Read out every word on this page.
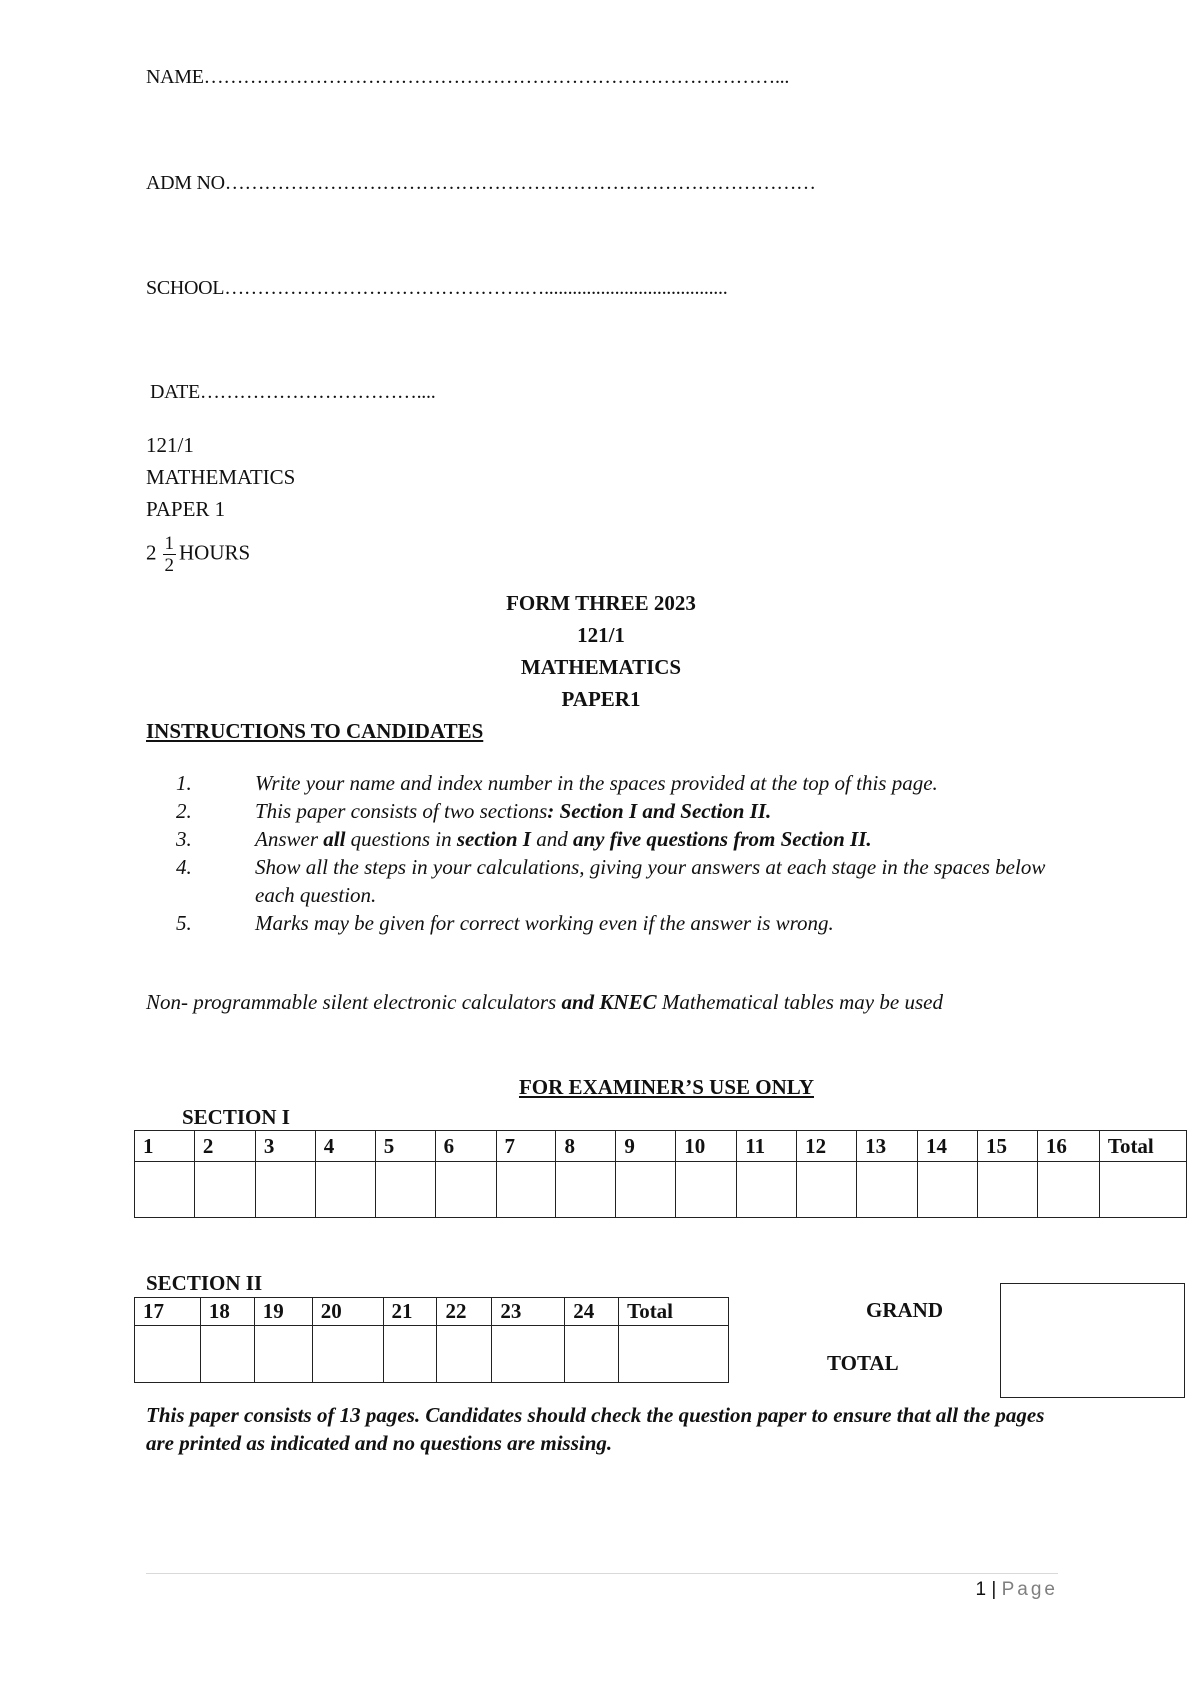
NAME……………………………………………………………………………...
ADM NO………………………………………………………………………………
SCHOOL……………………………………….….......................................
DATE……………………………....
121/1
MATHEMATICS
PAPER 1
$2 \frac{1}{2}$ HOURS
FORM THREE 2023
121/1
MATHEMATICS
PAPER1
INSTRUCTIONS TO CANDIDATES
1.	Write your name and index number in the spaces provided at the top of this page.
2.	This paper consists of two sections: Section I and Section II.
3.	Answer all questions in section I and any five questions from Section II.
4.	Show all the steps in your calculations, giving your answers at each stage in the spaces below each question.
5.	Marks may be given for correct working even if the answer is wrong.
Non- programmable silent electronic calculators and KNEC Mathematical tables may be used
FOR EXAMINER’S USE ONLY
SECTION I
1	2	3	4	5	6	7	8	9	10	11	12	13	14	15	16	Total

SECTION II
17	18	19	20	21	22	23	24	Total
									GRAND
TOTAL
This paper consists of 13 pages. Candidates should check the question paper to ensure that all the pages are printed as indicated and no questions are missing.
1 | Page
